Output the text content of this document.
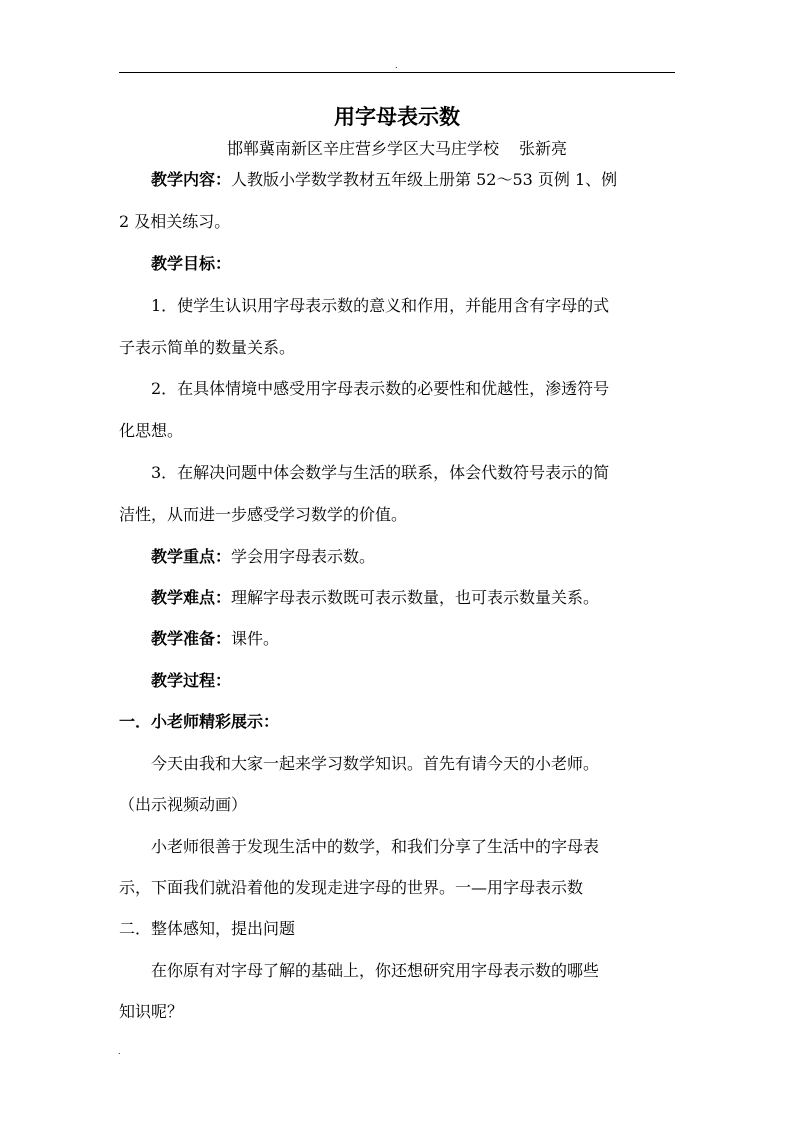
.
用字母表示数
邯郸冀南新区辛庄营乡学区大马庄学校 张新亮
教学内容：人教版小学数学教材五年级上册第 52～53 页例 1、例
2 及相关练习。
教学目标：
1．使学生认识用字母表示数的意义和作用，并能用含有字母的式
子表示简单的数量关系。
2．在具体情境中感受用字母表示数的必要性和优越性，渗透符号
化思想。
3．在解决问题中体会数学与生活的联系，体会代数符号表示的简
洁性，从而进一步感受学习数学的价值。
教学重点：学会用字母表示数。
教学难点：理解字母表示数既可表示数量，也可表示数量关系。
教学准备：课件。
教学过程：
一．小老师精彩展示：
今天由我和大家一起来学习数学知识。首先有请今天的小老师。
（出示视频动画）
小老师很善于发现生活中的数学，和我们分享了生活中的字母表
示，下面我们就沿着他的发现走进字母的世界。一—用字母表示数
二．整体感知，提出问题
在你原有对字母了解的基础上，你还想研究用字母表示数的哪些
知识呢？
.
